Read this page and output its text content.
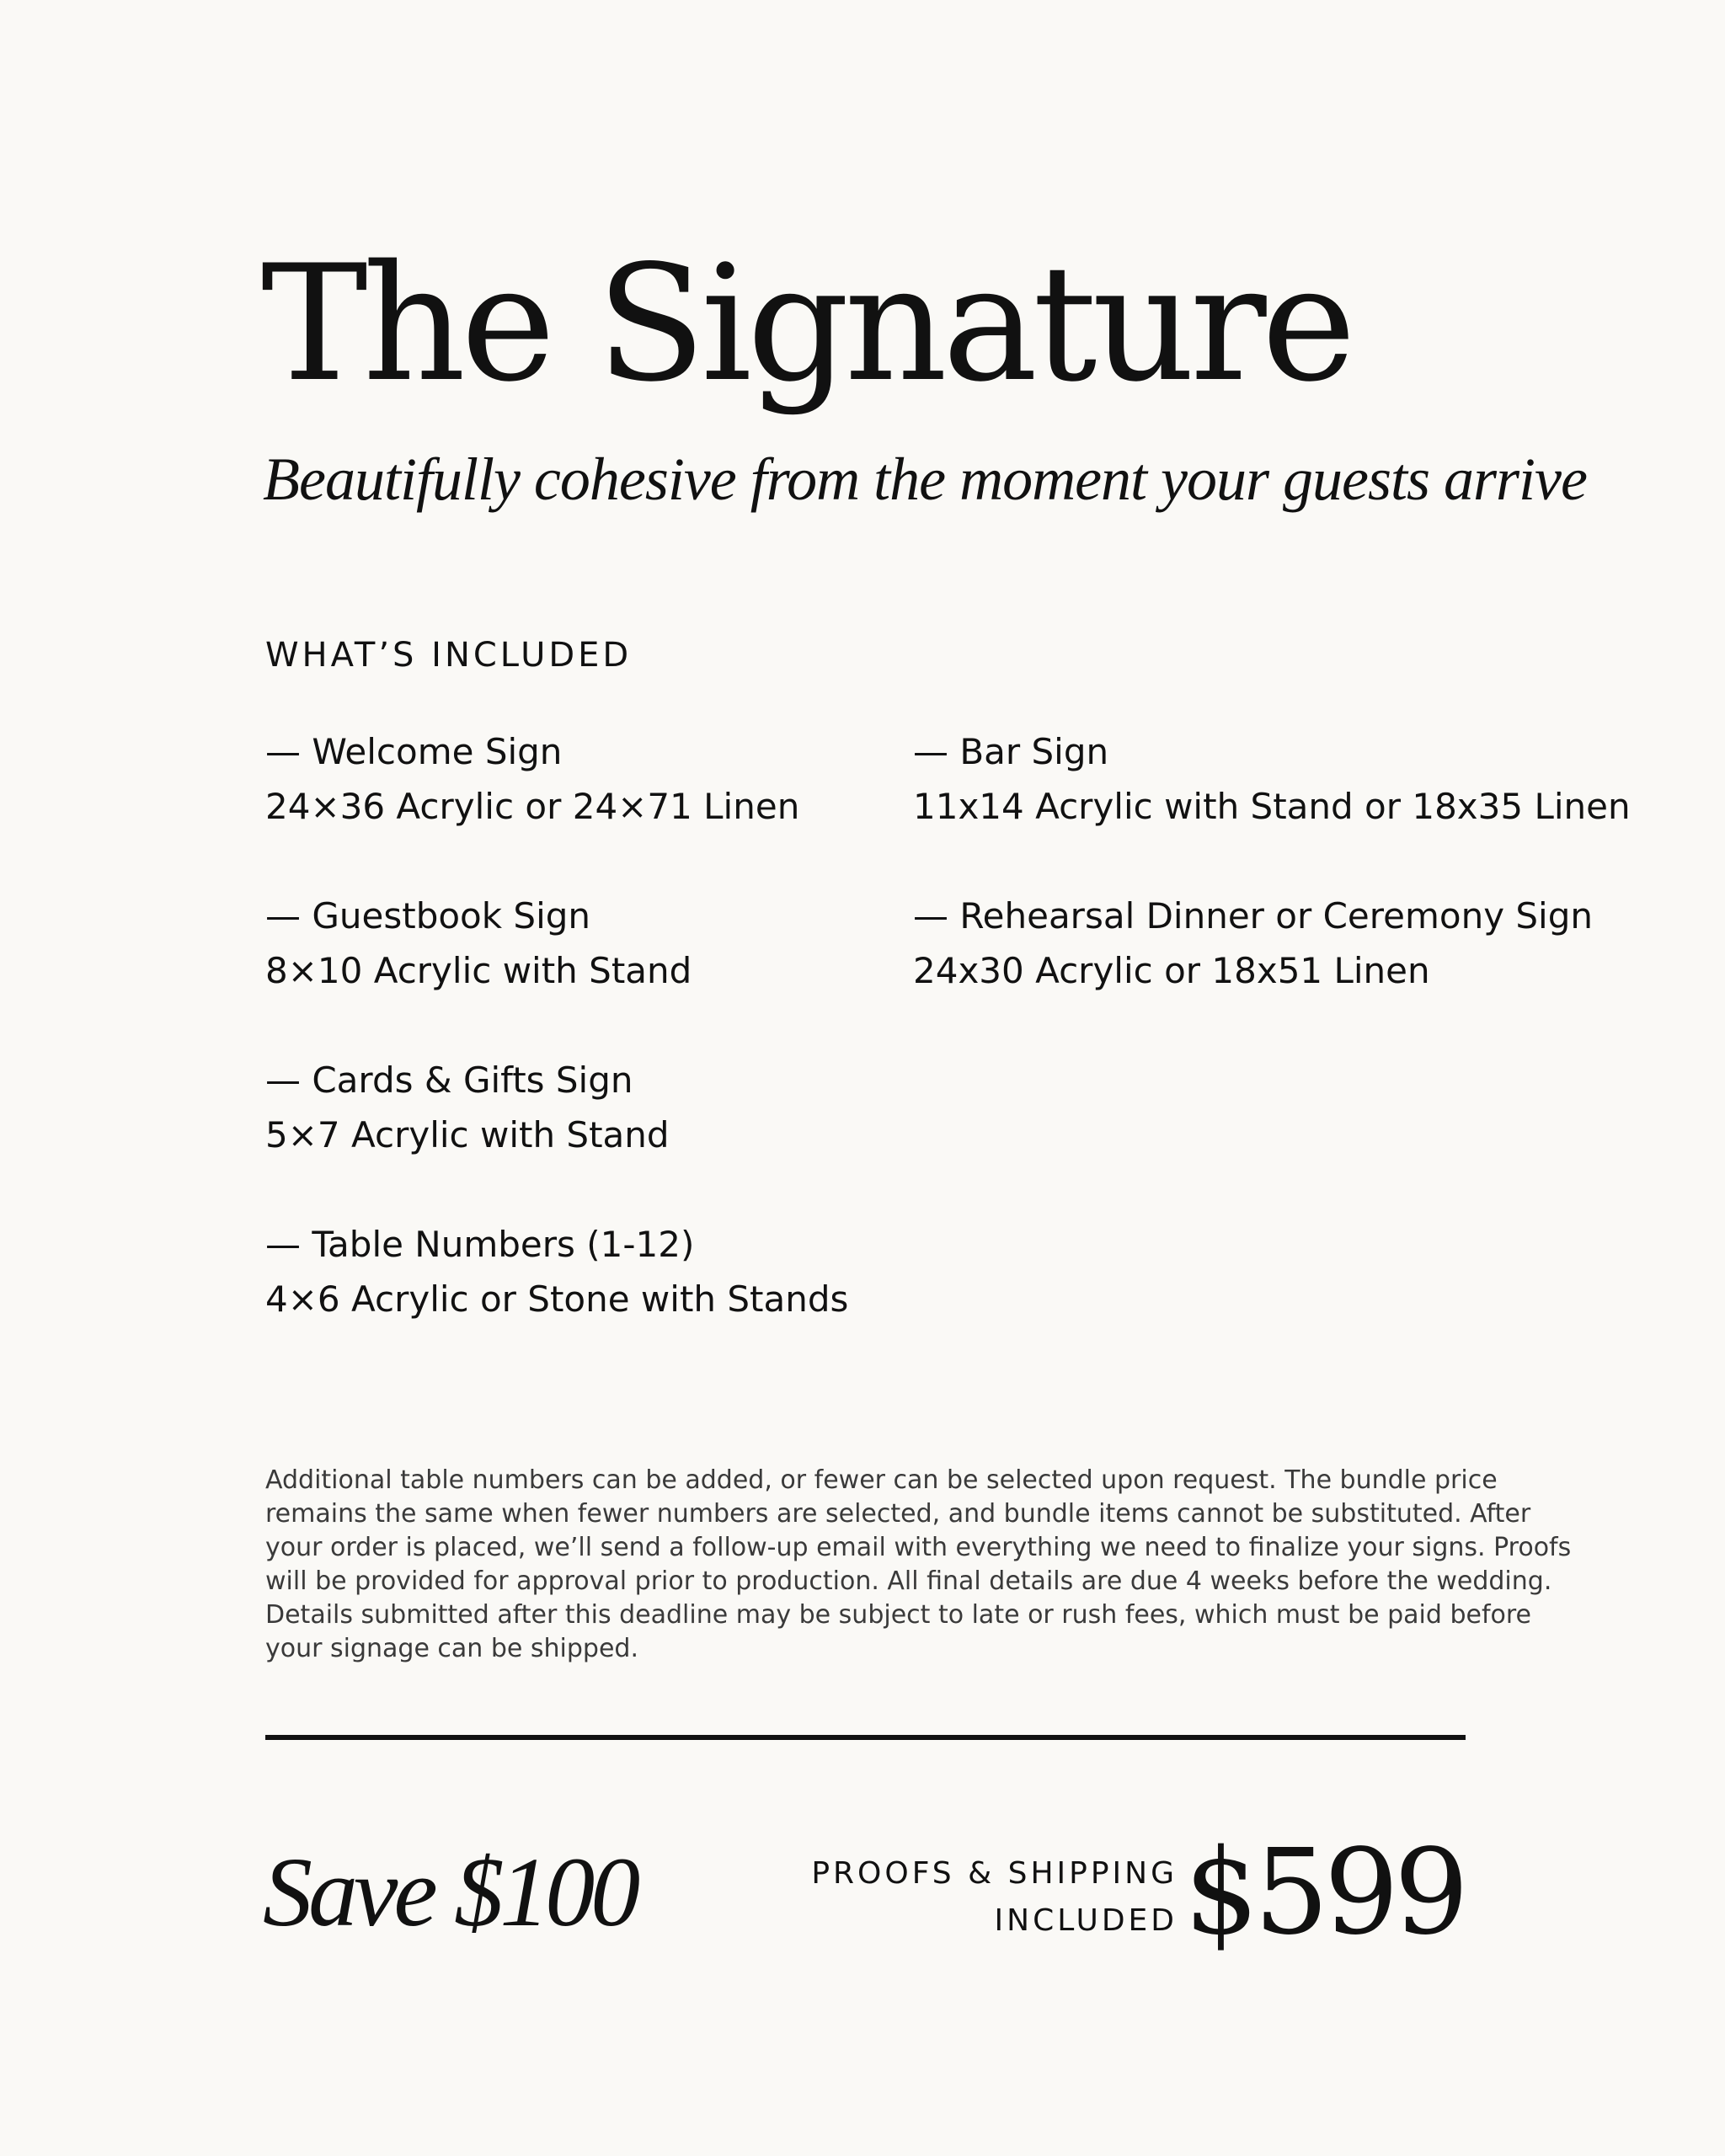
The Signature
Beautifully cohesive from the moment your guests arrive
WHAT’S INCLUDED
— Welcome Sign
24×36 Acrylic or 24×71 Linen
— Guestbook Sign
8×10 Acrylic with Stand
— Cards & Gifts Sign
5×7 Acrylic with Stand
— Table Numbers (1-12)
4×6 Acrylic or Stone with Stands
— Bar Sign
11x14 Acrylic with Stand or 18x35 Linen
— Rehearsal Dinner or Ceremony Sign
24x30 Acrylic or 18x51 Linen

Additional table numbers can be added, or fewer can be selected upon request. The bundle price
remains the same when fewer numbers are selected, and bundle items cannot be substituted. After
your order is placed, we’ll send a follow-up email with everything we need to finalize your signs. Proofs
will be provided for approval prior to production. All final details are due 4 weeks before the wedding.
Details submitted after this deadline may be subject to late or rush fees, which must be paid before
your signage can be shipped.

Save $100	PROOFS & SHIPPING
INCLUDED $599
